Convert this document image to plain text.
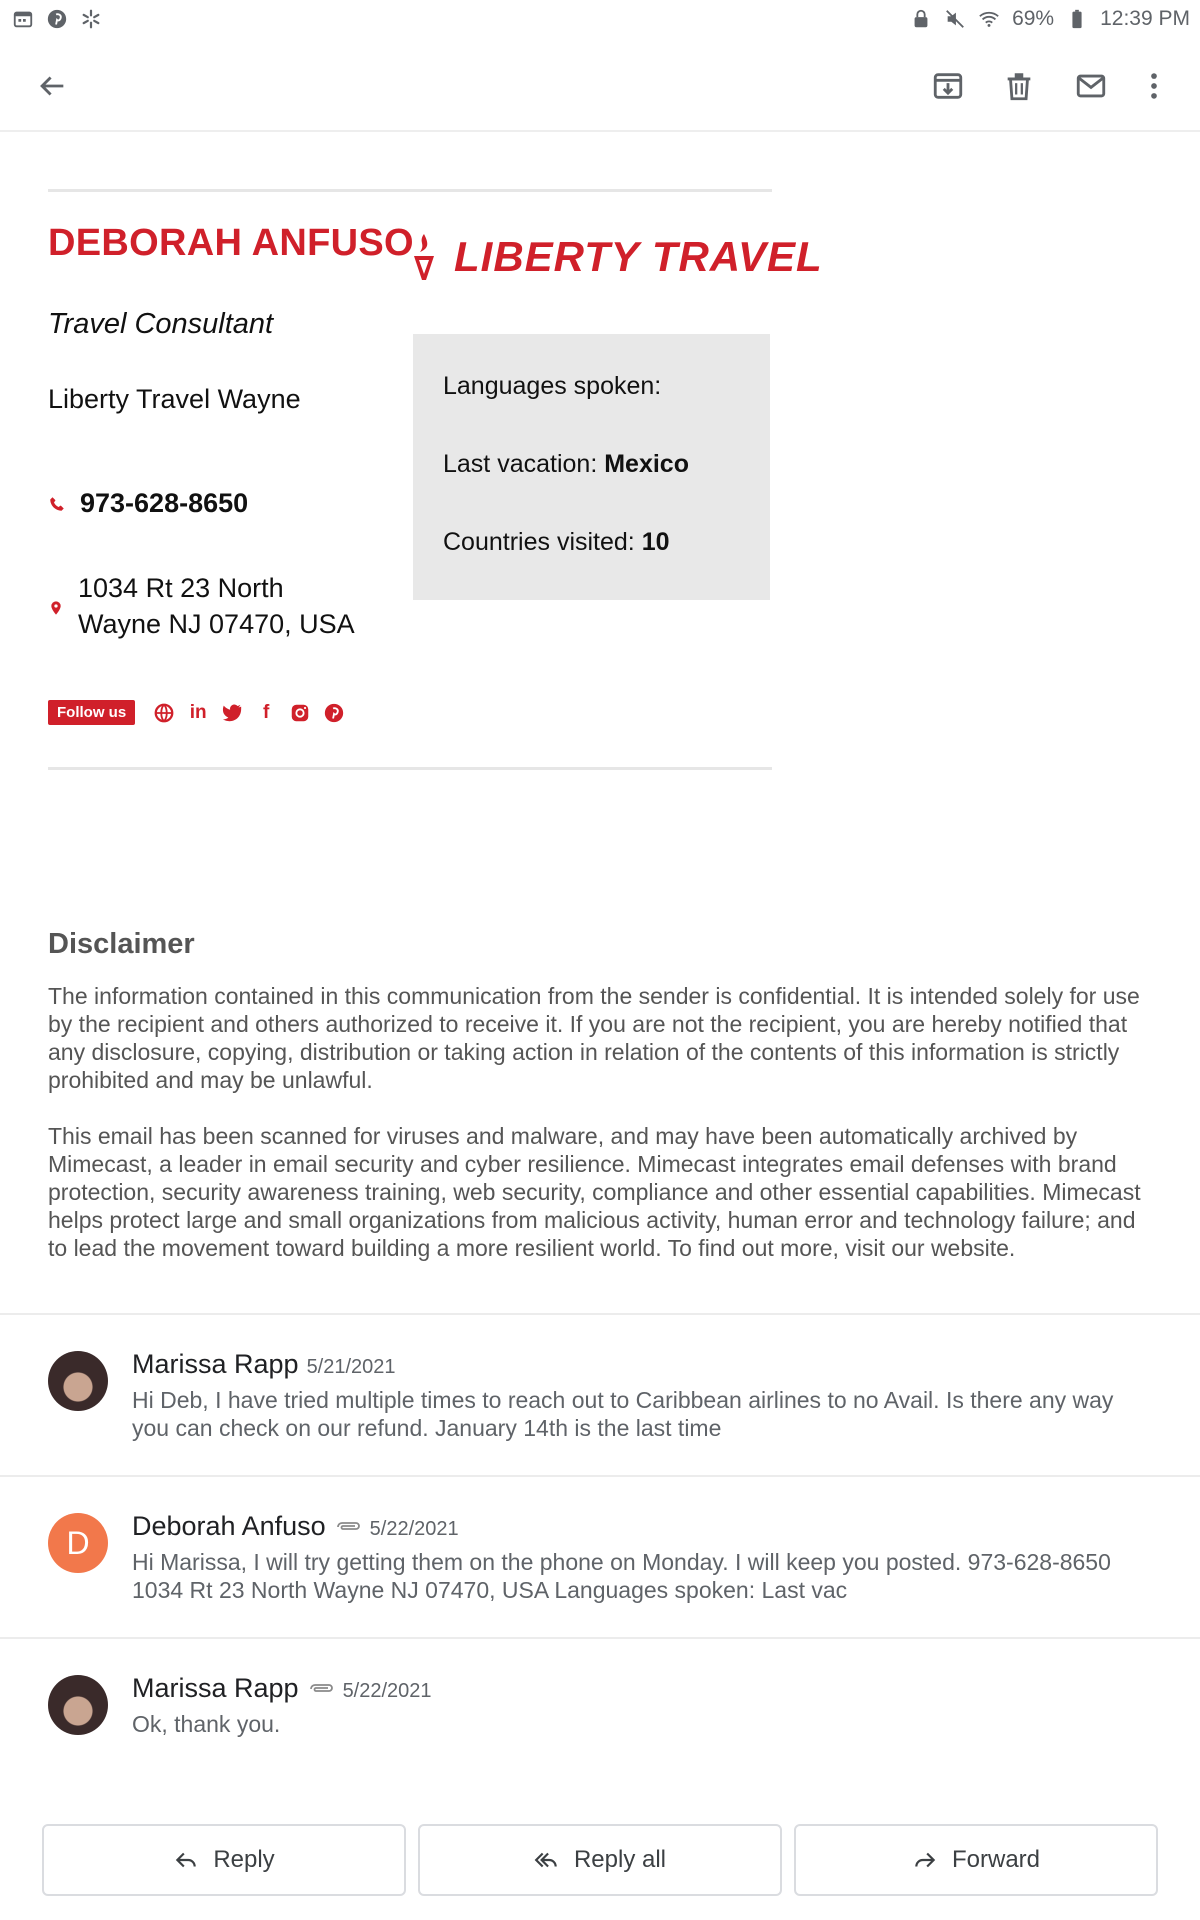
69% 12:39 PM
DEBORAH ANFUSO
Travel Consultant
Liberty Travel Wayne
973-628-8650
1034 Rt 23 North
Wayne NJ 07470, USA
Follow us	in	f
LIBERTY TRAVEL
Languages spoken:
Last vacation: Mexico
Countries visited: 10
Disclaimer
The information contained in this communication from the sender is confidential. It is intended solely for use by the recipient and others authorized to receive it. If you are not the recipient, you are hereby notified that any disclosure, copying, distribution or taking action in relation of the contents of this information is strictly prohibited and may be unlawful.
This email has been scanned for viruses and malware, and may have been automatically archived by Mimecast, a leader in email security and cyber resilience. Mimecast integrates email defenses with brand protection, security awareness training, web security, compliance and other essential capabilities. Mimecast helps protect large and small organizations from malicious activity, human error and technology failure; and to lead the movement toward building a more resilient world. To find out more, visit our website.
Marissa Rapp 5/21/2021
Hi Deb, I have tried multiple times to reach out to Caribbean airlines to no Avail. Is there any way you can check on our refund. January 14th is the last time
D	Deborah Anfuso 5/22/2021
Hi Marissa, I will try getting them on the phone on Monday. I will keep you posted. 973-628-8650 1034 Rt 23 North Wayne NJ 07470, USA Languages spoken: Last vac
Marissa Rapp 5/22/2021
Ok, thank you.
Reply	Reply all	Forward
